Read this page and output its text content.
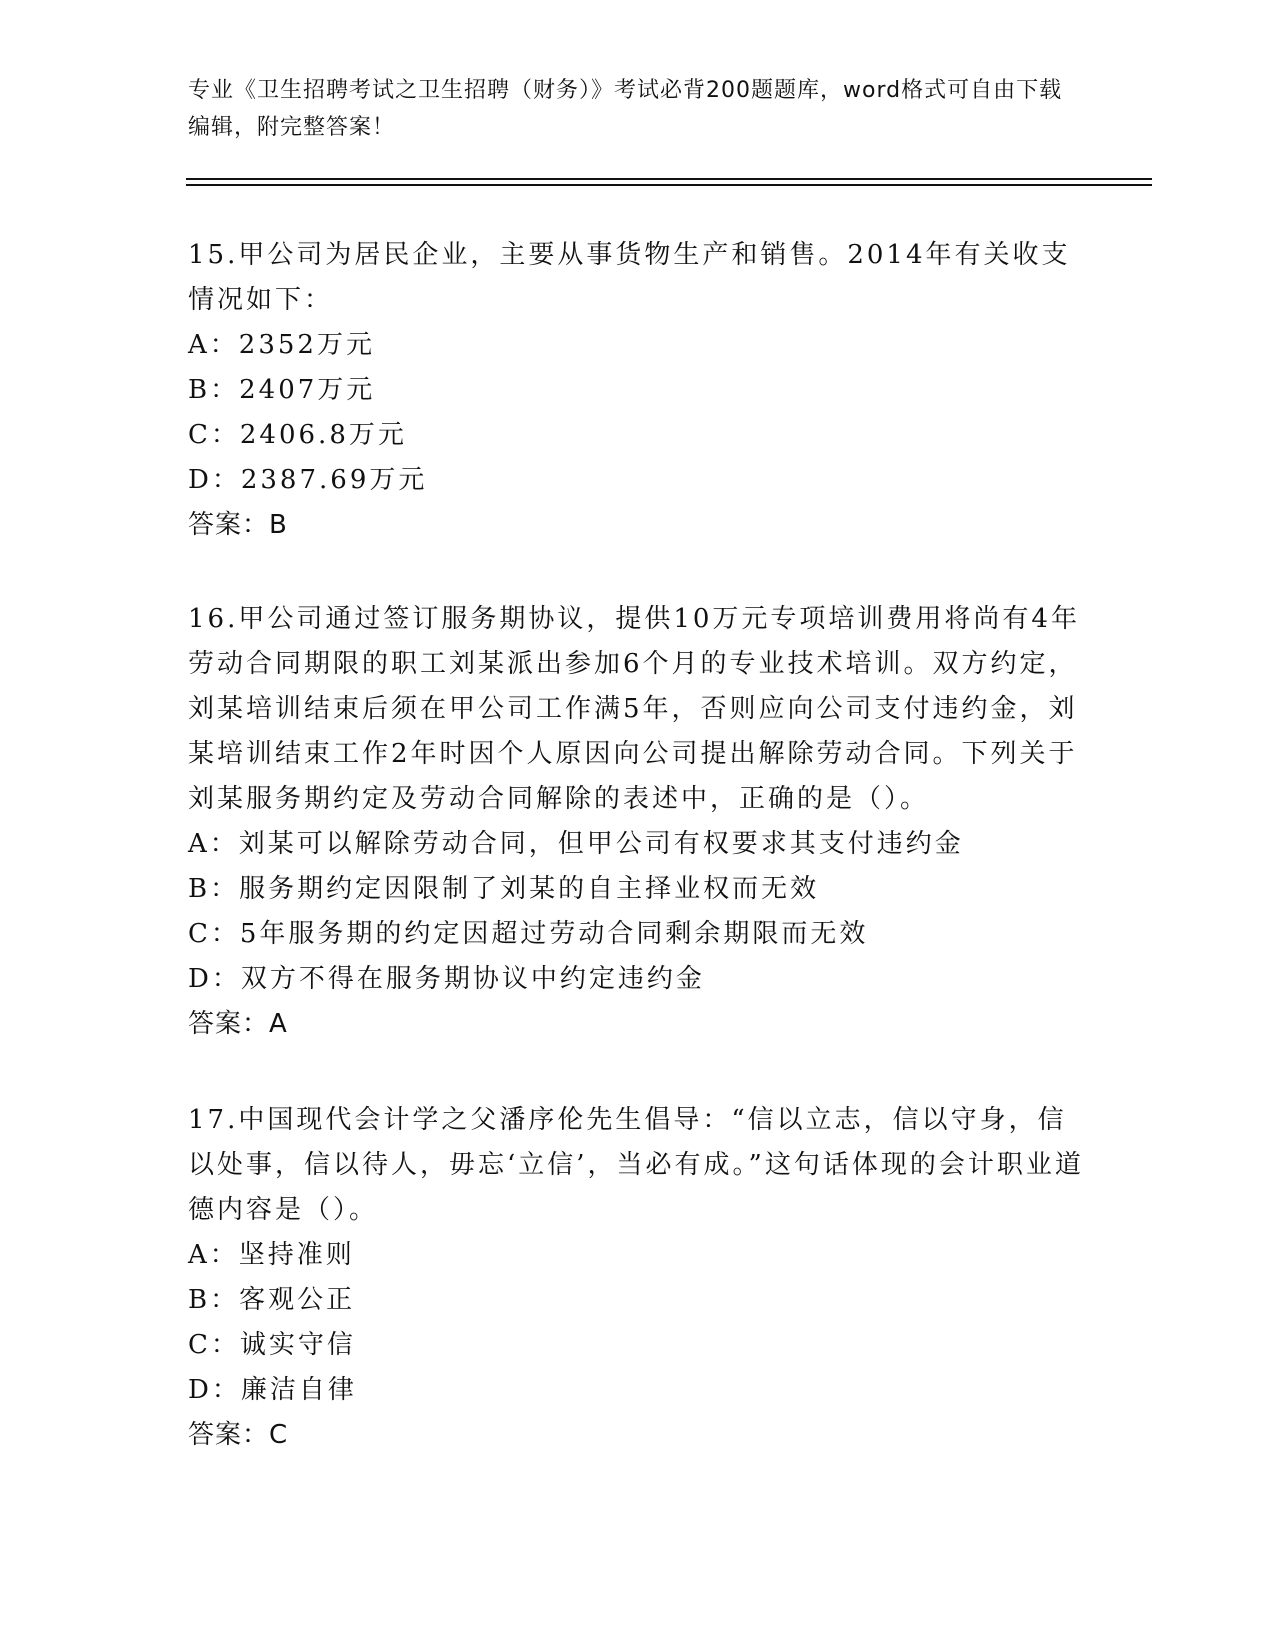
专业《卫生招聘考试之卫生招聘（财务）》考试必背200题题库，word格式可自由下载编辑，附完整答案！

15.甲公司为居民企业，主要从事货物生产和销售。2014年有关收支情况如下：

A：2352万元

B：2407万元

C：2406.8万元

D：2387.69万元

答案：B

16.甲公司通过签订服务期协议，提供10万元专项培训费用将尚有4年劳动合同期限的职工刘某派出参加6个月的专业技术培训。双方约定，刘某培训结束后须在甲公司工作满5年，否则应向公司支付违约金，刘某培训结束工作2年时因个人原因向公司提出解除劳动合同。下列关于刘某服务期约定及劳动合同解除的表述中，正确的是（）。

A：刘某可以解除劳动合同，但甲公司有权要求其支付违约金

B：服务期约定因限制了刘某的自主择业权而无效

C：5年服务期的约定因超过劳动合同剩余期限而无效

D：双方不得在服务期协议中约定违约金

答案：A

17.中国现代会计学之父潘序伦先生倡导：“信以立志，信以守身，信以处事，信以待人，毋忘‘立信’，当必有成。”这句话体现的会计职业道德内容是（）。

A：坚持准则

B：客观公正

C：诚实守信

D：廉洁自律

答案：C
